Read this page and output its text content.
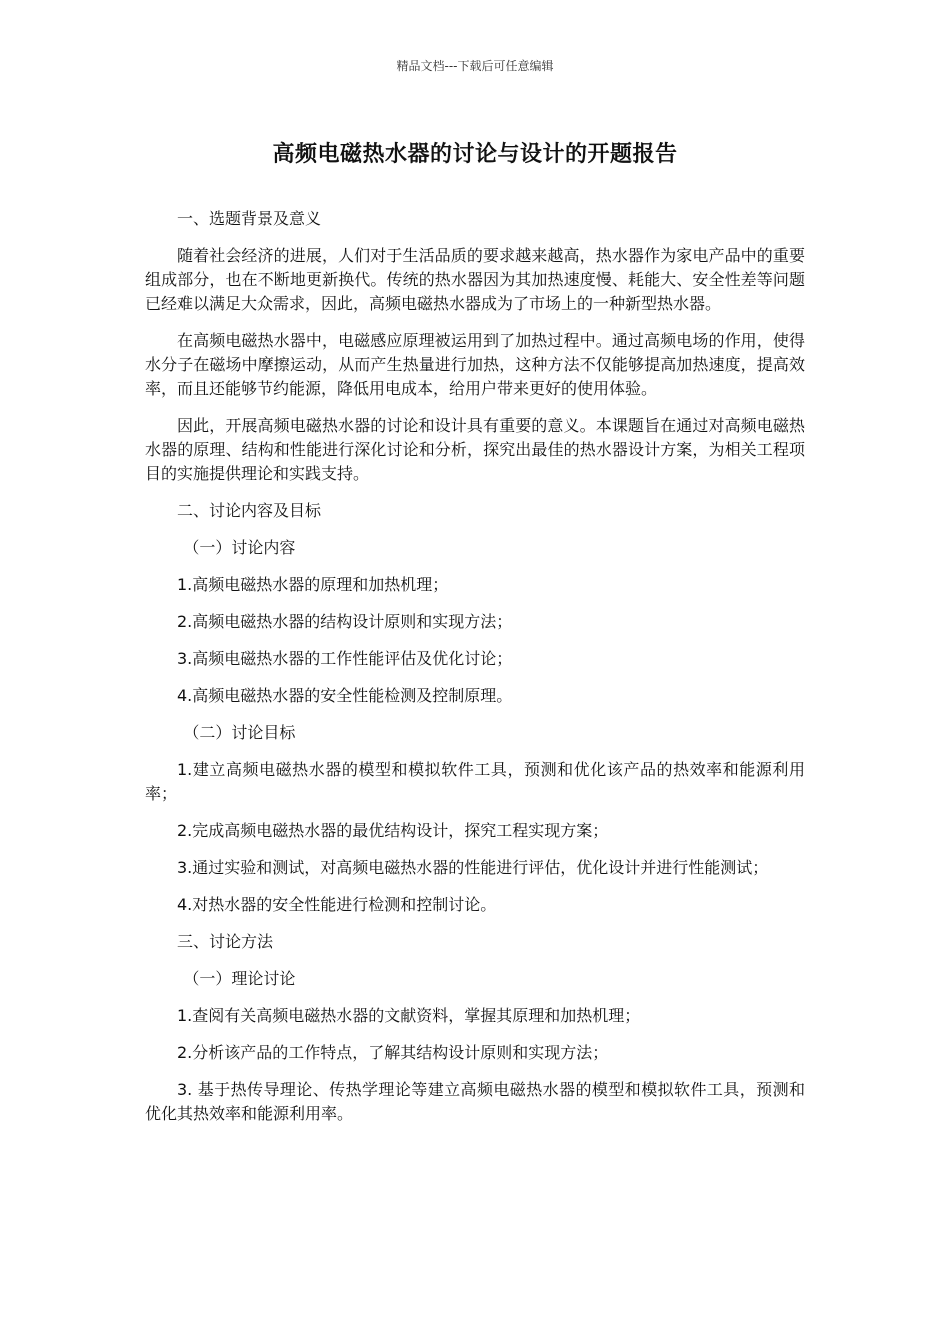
精品文档---下载后可任意编辑
高频电磁热水器的讨论与设计的开题报告

一、选题背景及意义

随着社会经济的进展，人们对于生活品质的要求越来越高，热水器作为家电产品中的重要组成部分，也在不断地更新换代。传统的热水器因为其加热速度慢、耗能大、安全性差等问题已经难以满足大众需求，因此，高频电磁热水器成为了市场上的一种新型热水器。

在高频电磁热水器中，电磁感应原理被运用到了加热过程中。通过高频电场的作用，使得水分子在磁场中摩擦运动，从而产生热量进行加热，这种方法不仅能够提高加热速度，提高效率，而且还能够节约能源，降低用电成本，给用户带来更好的使用体验。

因此，开展高频电磁热水器的讨论和设计具有重要的意义。本课题旨在通过对高频电磁热水器的原理、结构和性能进行深化讨论和分析，探究出最佳的热水器设计方案，为相关工程项目的实施提供理论和实践支持。

二、讨论内容及目标

（一）讨论内容

1.高频电磁热水器的原理和加热机理；

2.高频电磁热水器的结构设计原则和实现方法；

3.高频电磁热水器的工作性能评估及优化讨论；

4.高频电磁热水器的安全性能检测及控制原理。

（二）讨论目标

1.建立高频电磁热水器的模型和模拟软件工具，预测和优化该产品的热效率和能源利用率；

2.完成高频电磁热水器的最优结构设计，探究工程实现方案；

3.通过实验和测试，对高频电磁热水器的性能进行评估，优化设计并进行性能测试；

4.对热水器的安全性能进行检测和控制讨论。

三、讨论方法

（一）理论讨论

1.查阅有关高频电磁热水器的文献资料，掌握其原理和加热机理；

2.分析该产品的工作特点，了解其结构设计原则和实现方法；

3. 基于热传导理论、传热学理论等建立高频电磁热水器的模型和模拟软件工具，预测和优化其热效率和能源利用率。
